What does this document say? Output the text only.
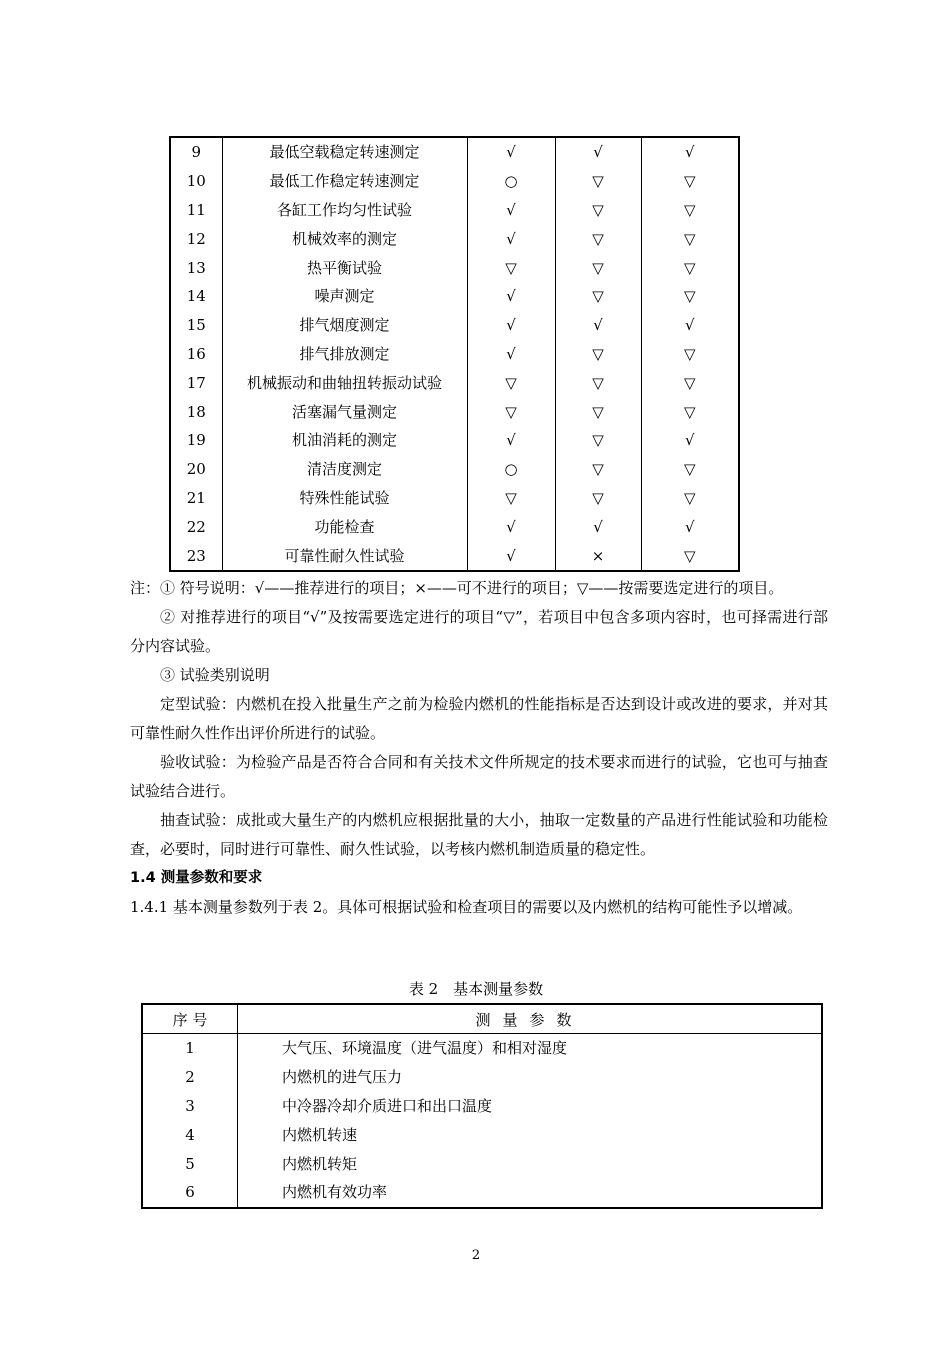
9	最低空载稳定转速测定	√	√	√
10	最低工作稳定转速测定	○	▽	▽
11	各缸工作均匀性试验	√	▽	▽
12	机械效率的测定	√	▽	▽
13	热平衡试验	▽	▽	▽
14	噪声测定	√	▽	▽
15	排气烟度测定	√	√	√
16	排气排放测定	√	▽	▽
17	机械振动和曲轴扭转振动试验	▽	▽	▽
18	活塞漏气量测定	▽	▽	▽
19	机油消耗的测定	√	▽	√
20	清洁度测定	○	▽	▽
21	特殊性能试验	▽	▽	▽
22	功能检查	√	√	√
23	可靠性耐久性试验	√	×	▽

注：① 符号说明：√——推荐进行的项目；×——可不进行的项目；▽——按需要选定进行的项目。

② 对推荐进行的项目“√”及按需要选定进行的项目“▽”，若项目中包含多项内容时，也可择需进行部分内容试验。

③ 试验类别说明

定型试验：内燃机在投入批量生产之前为检验内燃机的性能指标是否达到设计或改进的要求，并对其可靠性耐久性作出评价所进行的试验。

验收试验：为检验产品是否符合合同和有关技术文件所规定的技术要求而进行的试验，它也可与抽查试验结合进行。

抽查试验：成批或大量生产的内燃机应根据批量的大小，抽取一定数量的产品进行性能试验和功能检查，必要时，同时进行可靠性、耐久性试验，以考核内燃机制造质量的稳定性。

1.4 测量参数和要求

1.4.1 基本测量参数列于表 2。具体可根据试验和检查项目的需要以及内燃机的结构可能性予以增减。

表 2　基本测量参数
序 号	测量参数
1	大气压、环境温度（进气温度）和相对湿度
2	内燃机的进气压力
3	中冷器冷却介质进口和出口温度
4	内燃机转速
5	内燃机转矩
6	内燃机有效功率
2
